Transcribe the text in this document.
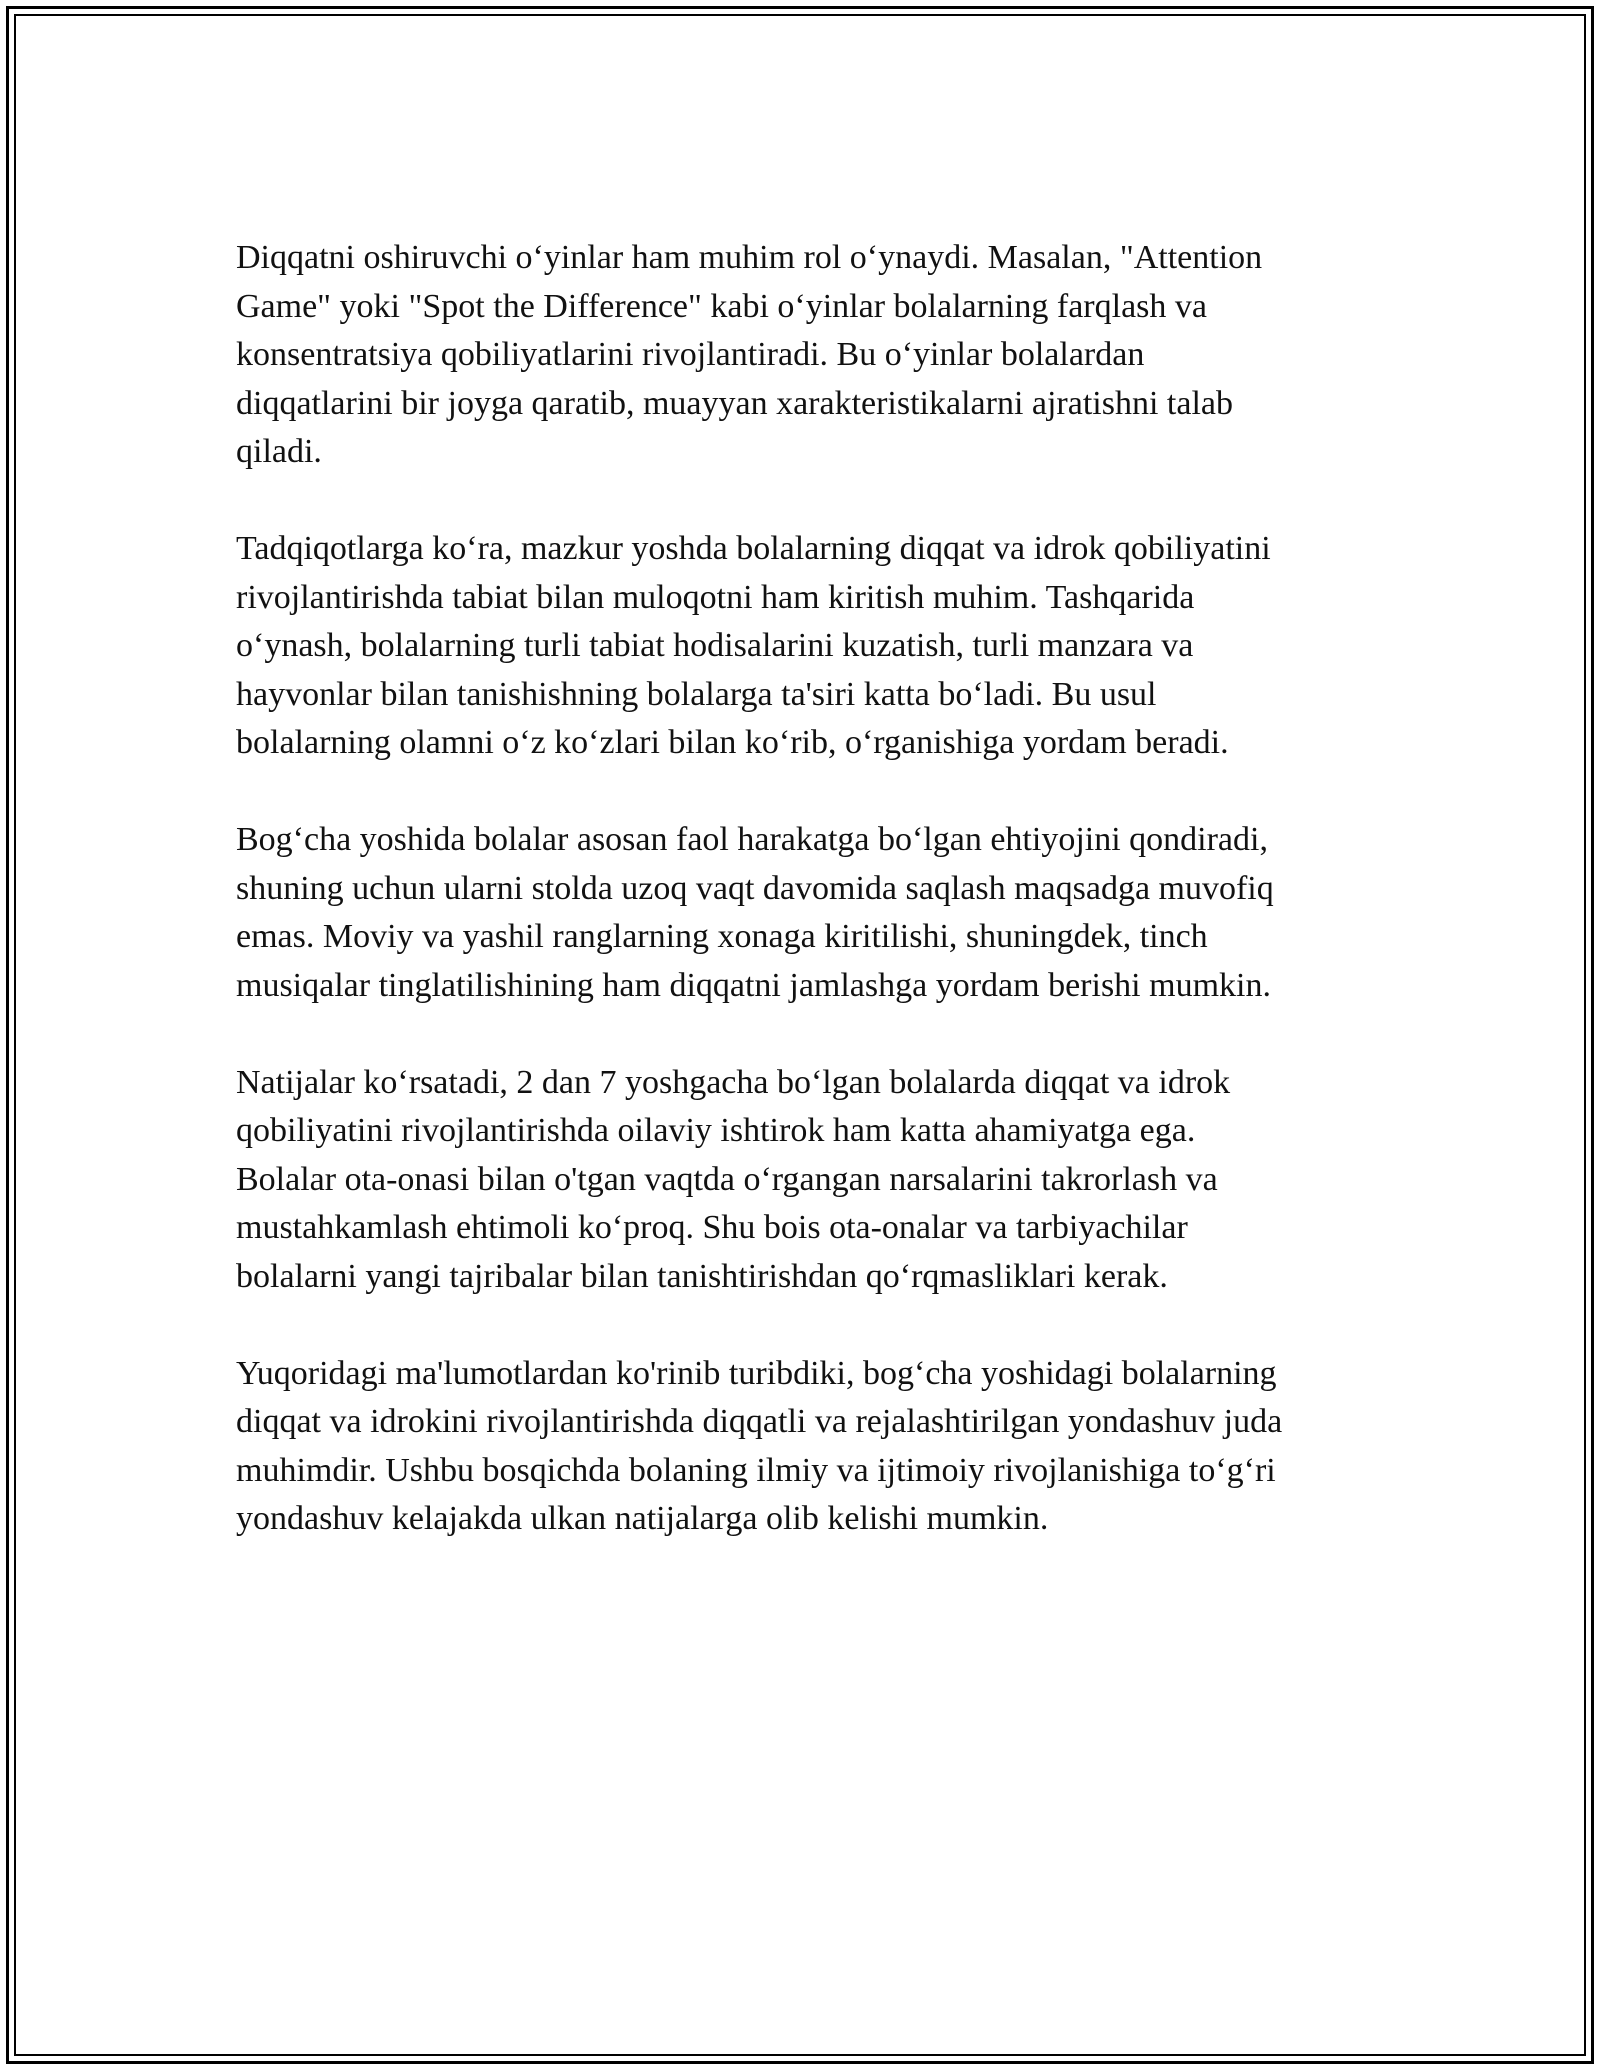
Diqqatni oshiruvchi o‘yinlar ham muhim rol o‘ynaydi. Masalan, "Attention
Game" yoki "Spot the Difference" kabi o‘yinlar bolalarning farqlash va
konsentratsiya qobiliyatlarini rivojlantiradi. Bu o‘yinlar bolalardan
diqqatlarini bir joyga qaratib, muayyan xarakteristikalarni ajratishni talab
qiladi.
Tadqiqotlarga ko‘ra, mazkur yoshda bolalarning diqqat va idrok qobiliyatini
rivojlantirishda tabiat bilan muloqotni ham kiritish muhim. Tashqarida
o‘ynash, bolalarning turli tabiat hodisalarini kuzatish, turli manzara va
hayvonlar bilan tanishishning bolalarga ta'siri katta bo‘ladi. Bu usul
bolalarning olamni o‘z ko‘zlari bilan ko‘rib, o‘rganishiga yordam beradi.
Bog‘cha yoshida bolalar asosan faol harakatga bo‘lgan ehtiyojini qondiradi,
shuning uchun ularni stolda uzoq vaqt davomida saqlash maqsadga muvofiq
emas. Moviy va yashil ranglarning xonaga kiritilishi, shuningdek, tinch
musiqalar tinglatilishining ham diqqatni jamlashga yordam berishi mumkin.
Natijalar ko‘rsatadi, 2 dan 7 yoshgacha bo‘lgan bolalarda diqqat va idrok
qobiliyatini rivojlantirishda oilaviy ishtirok ham katta ahamiyatga ega.
Bolalar ota-onasi bilan o'tgan vaqtda o‘rgangan narsalarini takrorlash va
mustahkamlash ehtimoli ko‘proq. Shu bois ota-onalar va tarbiyachilar
bolalarni yangi tajribalar bilan tanishtirishdan qo‘rqmasliklari kerak.
Yuqoridagi ma'lumotlardan ko'rinib turibdiki, bog‘cha yoshidagi bolalarning
diqqat va idrokini rivojlantirishda diqqatli va rejalashtirilgan yondashuv juda
muhimdir. Ushbu bosqichda bolaning ilmiy va ijtimoiy rivojlanishiga to‘g‘ri
yondashuv kelajakda ulkan natijalarga olib kelishi mumkin.
